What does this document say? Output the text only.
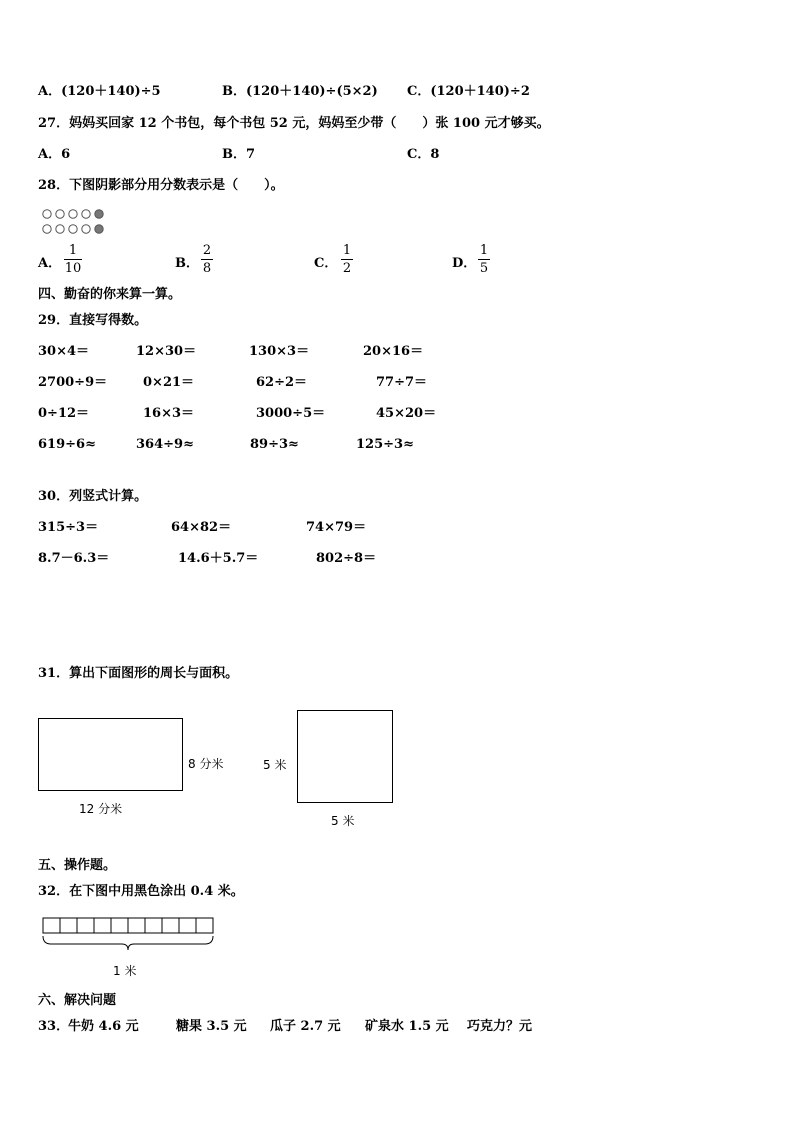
A．(120＋140)÷5	B．(120＋140)÷(5×2) C．(120＋140)÷2
27．妈妈买回家 12 个书包，每个书包 52 元，妈妈至少带（　　）张 100 元才够买。
A．6	B．7	C．8
28．下图阴影部分用分数表示是（　　）。
A．
1
10	B．
2
8	C．
1
2	D．
1
5
四、勤奋的你来算一算。
29．直接写得数。
30×4＝	12×30＝	130×3＝	20×16＝
2700÷9＝	0×21＝	62÷2＝	77÷7＝
0÷12＝	16×3＝	3000÷5＝	45×20＝
619÷6≈	364÷9≈	89÷3≈	125÷3≈
30．列竖式计算。
315÷3＝	64×82＝	74×79＝
8.7－6.3＝	14.6＋5.7＝	802÷8＝
31．算出下面图形的周长与面积。
8 分米
12 分米
5 米
5 米
五、操作题。
32．在下图中用黑色涂出 0.4 米。
1 米
六、解决问题
33．
牛奶 4.6 元	糖果 3.5 元 瓜子 2.7 元 矿泉水 1.5 元 巧克力？元
